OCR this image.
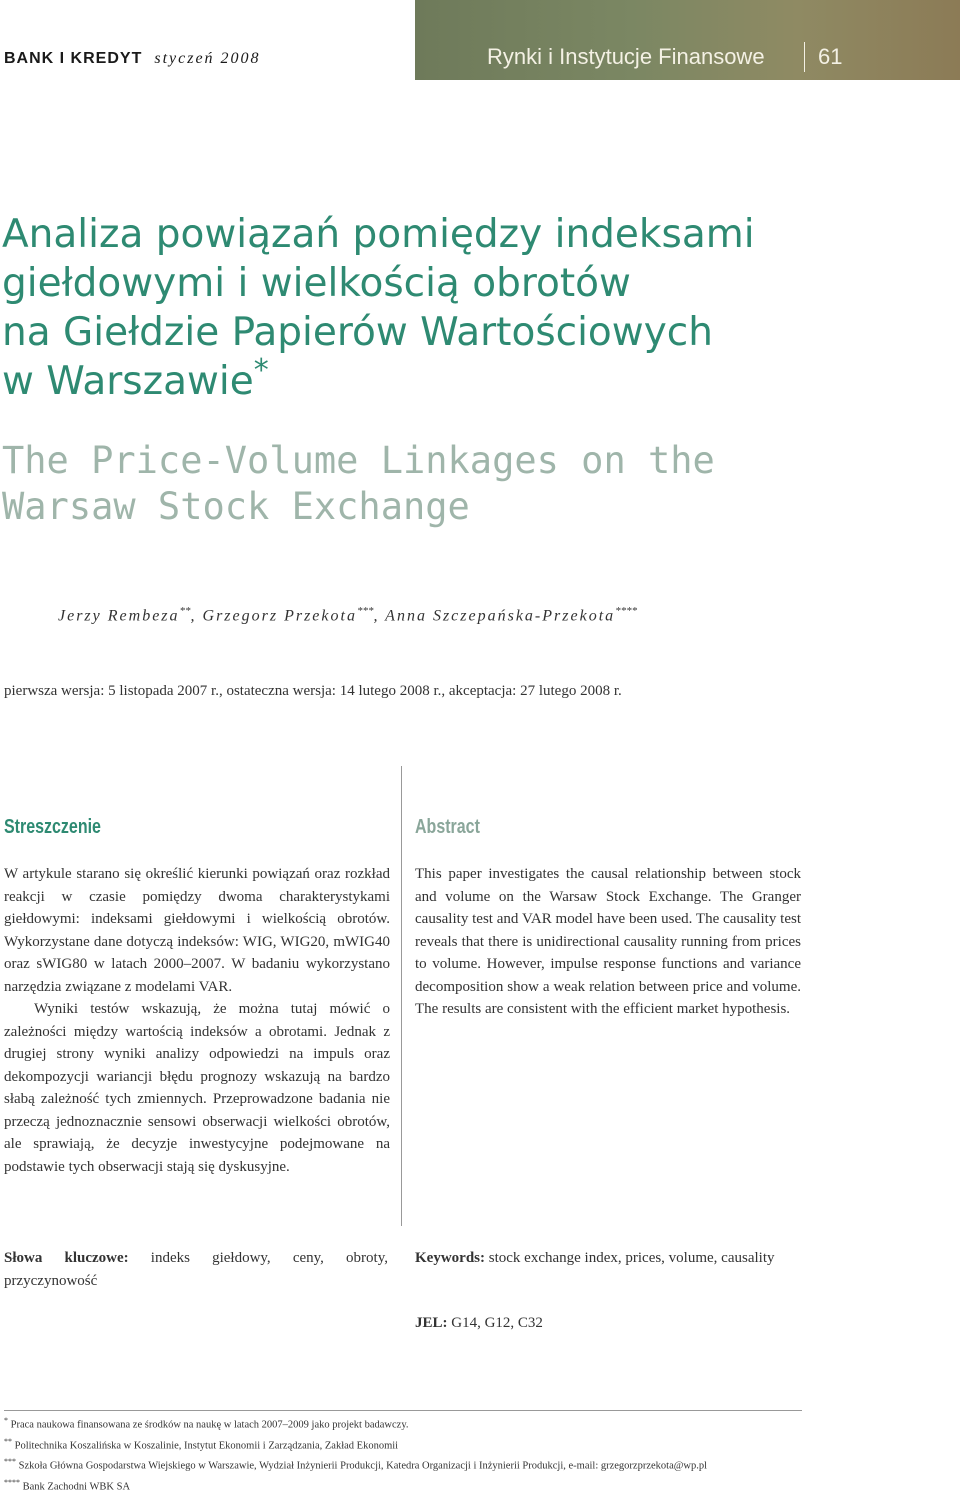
BANK I KREDYT styczeń 2008	Rynki i Instytucje Finansowe 61
Analiza powiązań pomiędzy indeksami
giełdowymi i wielkością obrotów
na Giełdzie Papierów Wartościowych
w Warszawie*
The Price-Volume Linkages on the
Warsaw Stock Exchange
Jerzy Rembeza**, Grzegorz Przekota***, Anna Szczepańska-Przekota****
pierwsza wersja: 5 listopada 2007 r., ostateczna wersja: 14 lutego 2008 r., akceptacja: 27 lutego 2008 r.
Streszczenie

W artykule starano się określić kierunki powiązań oraz rozkład reakcji w czasie pomiędzy dwoma charakterystykami giełdowymi: indeksami giełdowymi i wielkością obrotów. Wykorzystane dane dotyczą indeksów: WIG, WIG20, mWIG40 oraz sWIG80 w latach 2000–2007. W badaniu wykorzystano narzędzia związane z modelami VAR.

Wyniki testów wskazują, że można tutaj mówić o zależności między wartością indeksów a obrotami. Jednak z drugiej strony wyniki analizy odpowiedzi na impuls oraz dekompozycji wariancji błędu prognozy wskazują na bardzo słabą zależność tych zmiennych. Przeprowadzone badania nie przeczą jednoznacznie sensowi obserwacji wielkości obrotów, ale sprawiają, że decyzje inwestycyjne podejmowane na podstawie tych obserwacji stają się dyskusyjne.

Abstract

This paper investigates the causal relationship between stock and volume on the Warsaw Stock Exchange. The Granger causality test and VAR model have been used. The causality test reveals that there is unidirectional causality running from prices to volume. However, impulse response functions and variance decomposition show a weak relation between price and volume. The results are consistent with the efficient market hypothesis.

Słowa kluczowe: indeks giełdowy, ceny, obroty, przyczynowość
Keywords: stock exchange index, prices, volume, causality
JEL: G14, G12, C32
* Praca naukowa finansowana ze środków na naukę w latach 2007–2009 jako projekt badawczy.
** Politechnika Koszalińska w Koszalinie, Instytut Ekonomii i Zarządzania, Zakład Ekonomii
*** Szkoła Główna Gospodarstwa Wiejskiego w Warszawie, Wydział Inżynierii Produkcji, Katedra Organizacji i Inżynierii Produkcji, e-mail: grzegorzprzekota@wp.pl
**** Bank Zachodni WBK SA
